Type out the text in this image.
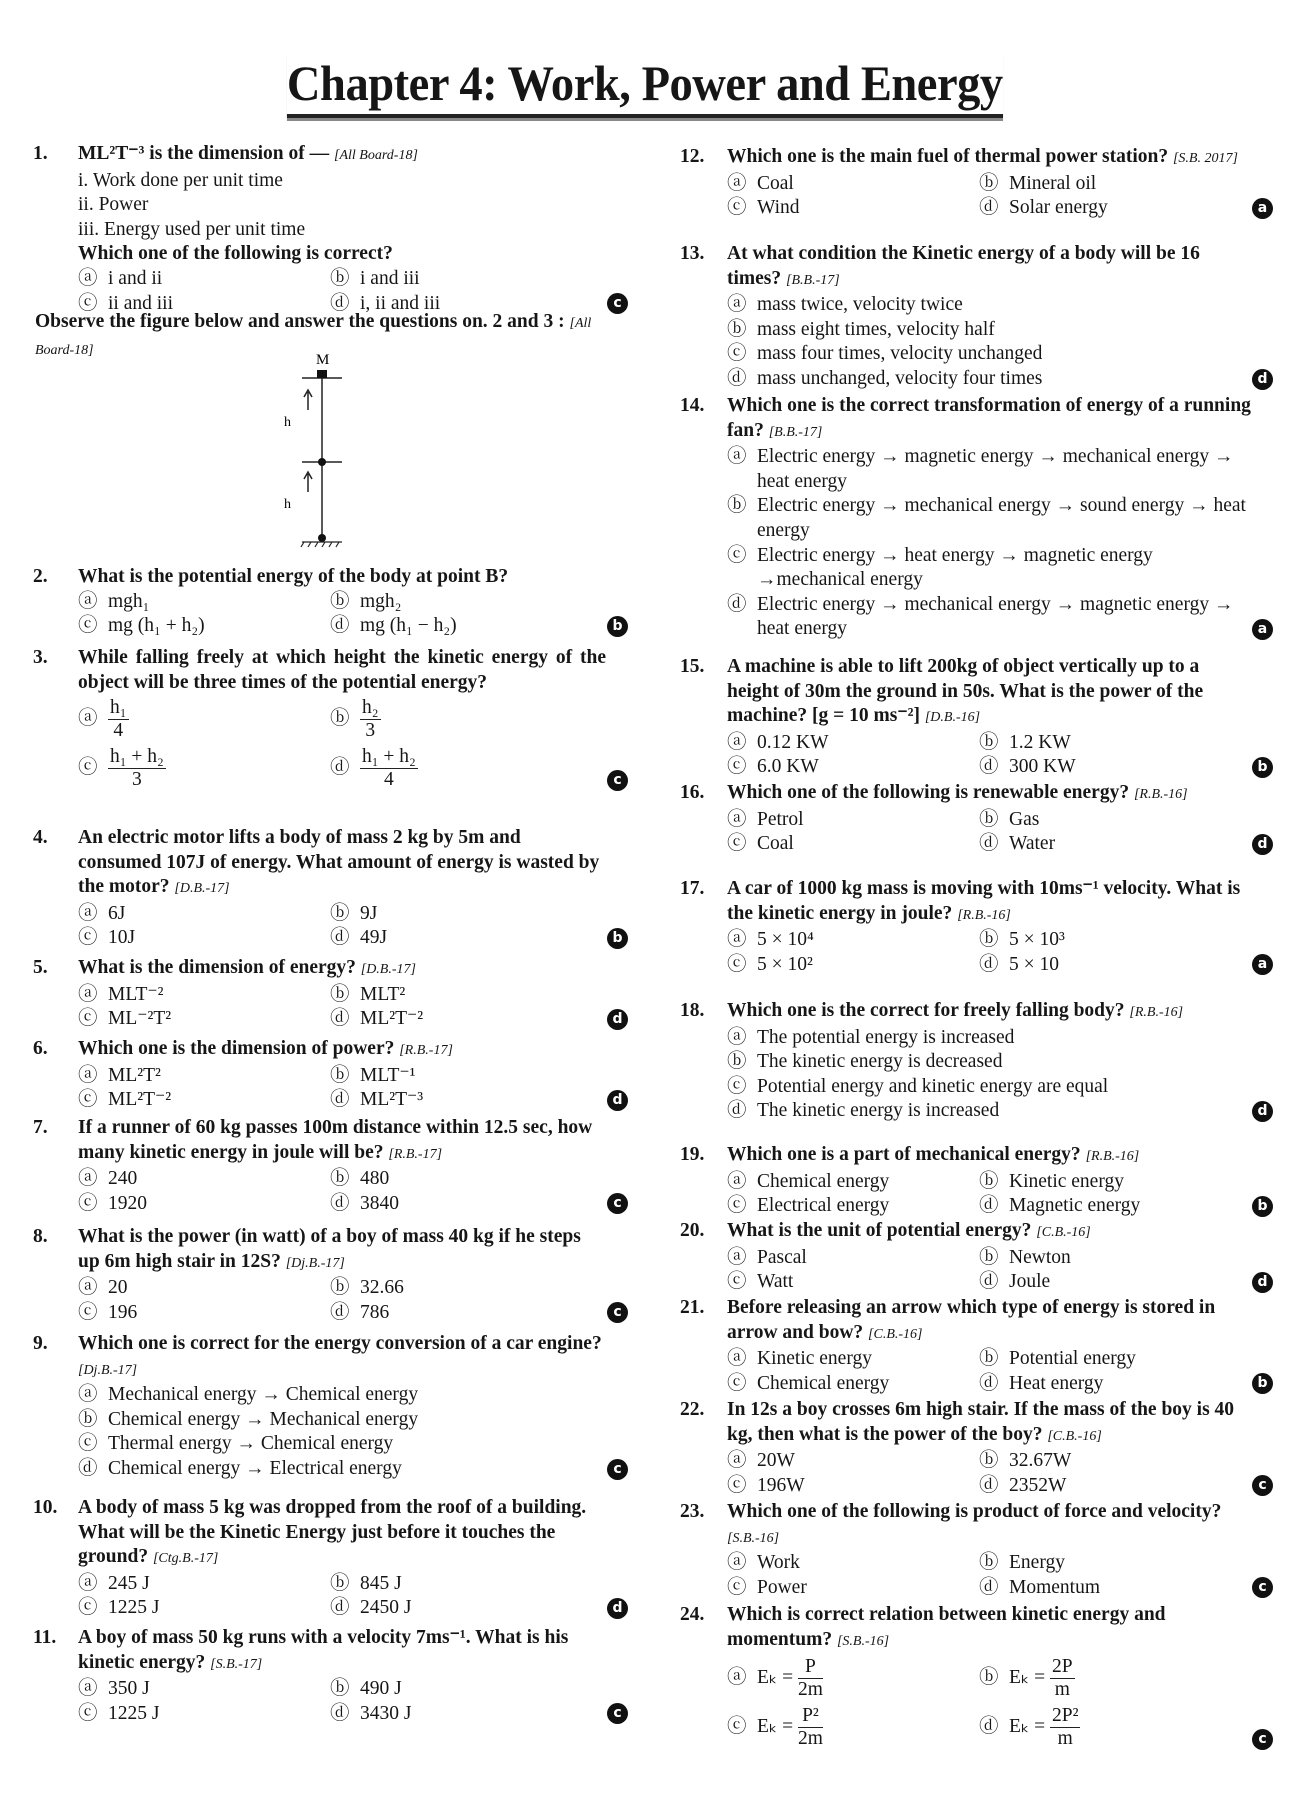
Chapter 4: Work, Power and Energy
Observe the figure below and answer the questions on. 2 and 3 : [All Board-18]
M
h
h
1. ML²T⁻³ is the dimension of — [All Board-18]
i. Work done per unit time
ii. Power
iii. Energy used per unit time
Which one of the following is correct?
ⓐ i and ii	ⓑ i and iii
ⓒ ii and iii	ⓓ i, ii and iii	c
2. What is the potential energy of the body at point B?
ⓐ mgh₁	ⓑ mgh₂
ⓒ mg (h₁ + h₂)	ⓓ mg (h₁ − h₂)	b
3. While falling freely at which height the kinetic energy of the object will be three times of the potential energy?
ⓐ $\frac{\text{h₁}}{4}$	ⓑ $\frac{\text{h₂}}{3}$
ⓒ $\frac{\text{h₁ + h₂}}{3}$	ⓓ $\frac{\text{h₁ + h₂}}{4}$	c
4. An electric motor lifts a body of mass 2 kg by 5m and consumed 107J of energy. What amount of energy is wasted by the motor? [D.B.-17]
ⓐ 6J	ⓑ 9J
ⓒ 10J	ⓓ 49J	b
5. What is the dimension of energy? [D.B.-17]
ⓐ MLT⁻²	ⓑ MLT²
ⓒ ML⁻²T²	ⓓ ML²T⁻²	d
6. Which one is the dimension of power? [R.B.-17]
ⓐ ML²T²	ⓑ MLT⁻¹
ⓒ ML²T⁻²	ⓓ ML²T⁻³	d
7. If a runner of 60 kg passes 100m distance within 12.5 sec, how many kinetic energy in joule will be? [R.B.-17]
ⓐ 240	ⓑ 480
ⓒ 1920	ⓓ 3840	c
8. What is the power (in watt) of a boy of mass 40 kg if he steps up 6m high stair in 12S? [Dj.B.-17]
ⓐ 20	ⓑ 32.66
ⓒ 196	ⓓ 786	c
9. Which one is correct for the energy conversion of a car engine? [Dj.B.-17]
ⓐ Mechanical energy → Chemical energy
ⓑ Chemical energy → Mechanical energy
ⓒ Thermal energy → Chemical energy
ⓓ Chemical energy → Electrical energy	c
10. A body of mass 5 kg was dropped from the roof of a building. What will be the Kinetic Energy just before it touches the ground? [Ctg.B.-17]
ⓐ 245 J	ⓑ 845 J
ⓒ 1225 J	ⓓ 2450 J	d
11. A boy of mass 50 kg runs with a velocity 7ms⁻¹. What is his kinetic energy? [S.B.-17]
ⓐ 350 J	ⓑ 490 J
ⓒ 1225 J	ⓓ 3430 J	c
12. Which one is the main fuel of thermal power station? [S.B. 2017]
ⓐ Coal	ⓑ Mineral oil
ⓒ Wind	ⓓ Solar energy	a
13. At what condition the Kinetic energy of a body will be 16 times? [B.B.-17]
ⓐ mass twice, velocity twice
ⓑ mass eight times, velocity half
ⓒ mass four times, velocity unchanged
ⓓ mass unchanged, velocity four times	d
14. Which one is the correct transformation of energy of a running fan? [B.B.-17]
ⓐ Electric energy → magnetic energy → mechanical energy → heat energy
ⓑ Electric energy → mechanical energy → sound energy → heat energy
ⓒ Electric energy → heat energy → magnetic energy →mechanical energy
ⓓ Electric energy → mechanical energy → magnetic energy → heat energy	a
15. A machine is able to lift 200kg of object vertically up to a height of 30m the ground in 50s. What is the power of the machine? [g = 10 ms⁻²] [D.B.-16]
ⓐ 0.12 KW	ⓑ 1.2 KW
ⓒ 6.0 KW	ⓓ 300 KW	b
16. Which one of the following is renewable energy? [R.B.-16]
ⓐ Petrol	ⓑ Gas
ⓒ Coal	ⓓ Water	d
17. A car of 1000 kg mass is moving with 10ms⁻¹ velocity. What is the kinetic energy in joule? [R.B.-16]
ⓐ 5 × 10⁴	ⓑ 5 × 10³
ⓒ 5 × 10²	ⓓ 5 × 10	a
18. Which one is the correct for freely falling body? [R.B.-16]
ⓐ The potential energy is increased
ⓑ The kinetic energy is decreased
ⓒ Potential energy and kinetic energy are equal
ⓓ The kinetic energy is increased	d
19. Which one is a part of mechanical energy? [R.B.-16]
ⓐ Chemical energy	ⓑ Kinetic energy
ⓒ Electrical energy	ⓓ Magnetic energy	b
20. What is the unit of potential energy? [C.B.-16]
ⓐ Pascal	ⓑ Newton
ⓒ Watt	ⓓ Joule	d
21. Before releasing an arrow which type of energy is stored in arrow and bow? [C.B.-16]
ⓐ Kinetic energy	ⓑ Potential energy
ⓒ Chemical energy	ⓓ Heat energy	b
22. In 12s a boy crosses 6m high stair. If the mass of the boy is 40 kg, then what is the power of the boy? [C.B.-16]
ⓐ 20W	ⓑ 32.67W
ⓒ 196W	ⓓ 2352W	c
23. Which one of the following is product of force and velocity? [S.B.-16]
ⓐ Work	ⓑ Energy
ⓒ Power	ⓓ Momentum	c
24. Which is correct relation between kinetic energy and momentum? [S.B.-16]
ⓐ $E_k = \frac{P}{2m}$	ⓑ $E_k = \frac{2P}{m}$
ⓒ $E_k = \frac{\text{P²}}{2m}$	ⓓ $E_k = \frac{\text{2P²}}{m}$	c
